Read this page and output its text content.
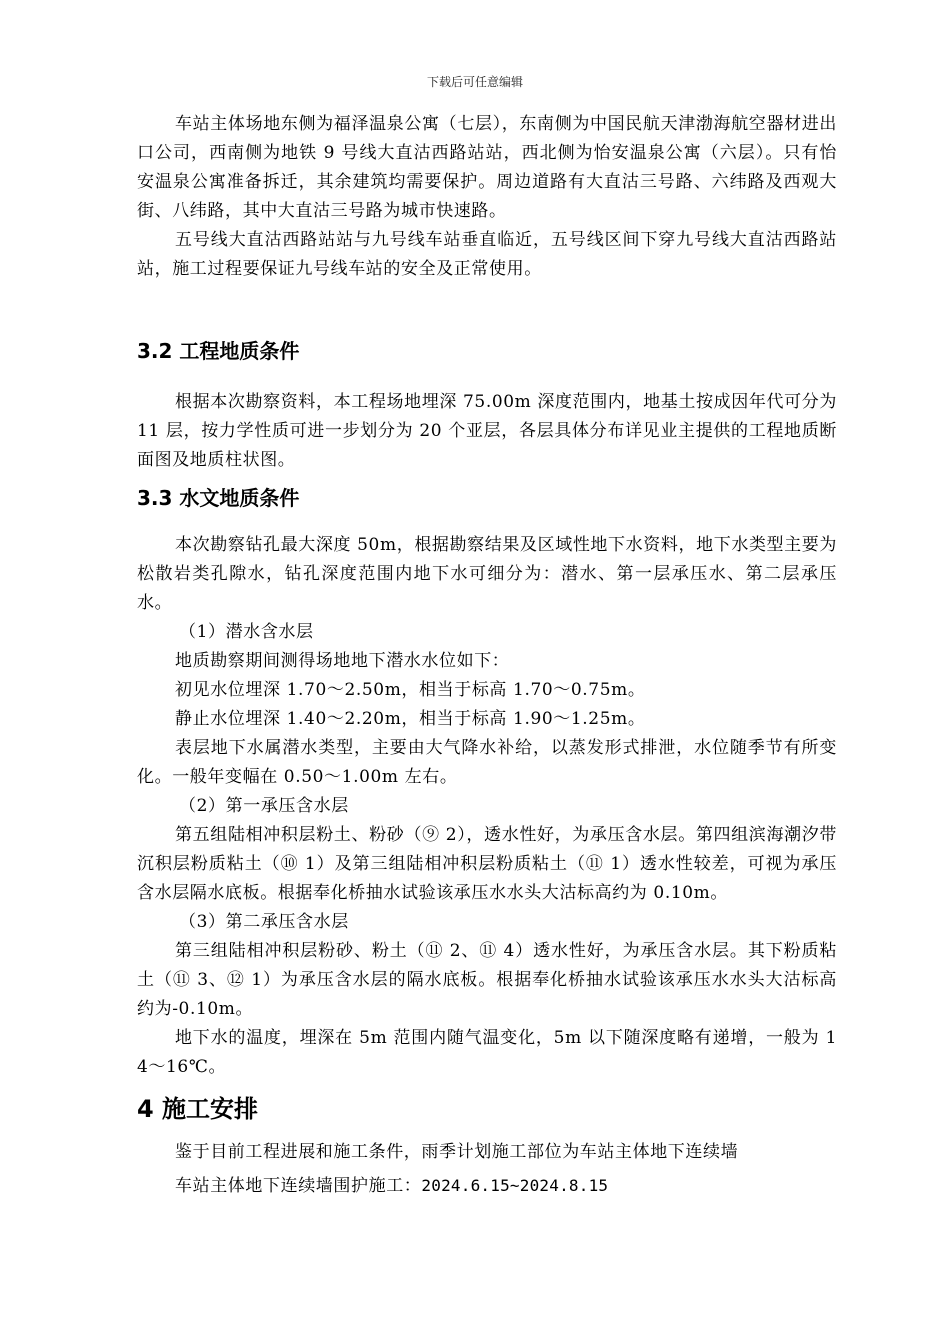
下载后可任意编辑

车站主体场地东侧为福泽温泉公寓（七层），东南侧为中国民航天津渤海航空器材进出口公司，西南侧为地铁 9 号线大直沽西路站站，西北侧为怡安温泉公寓（六层）。只有怡安温泉公寓准备拆迁，其余建筑均需要保护。周边道路有大直沽三号路、六纬路及西观大街、八纬路，其中大直沽三号路为城市快速路。

五号线大直沽西路站站与九号线车站垂直临近，五号线区间下穿九号线大直沽西路站站，施工过程要保证九号线车站的安全及正常使用。

3.2 工程地质条件

根据本次勘察资料，本工程场地埋深 75.00m 深度范围内，地基土按成因年代可分为 11 层，按力学性质可进一步划分为 20 个亚层，各层具体分布详见业主提供的工程地质断面图及地质柱状图。

3.3 水文地质条件

本次勘察钻孔最大深度 50m，根据勘察结果及区域性地下水资料，地下水类型主要为松散岩类孔隙水，钻孔深度范围内地下水可细分为：潜水、第一层承压水、第二层承压水。

（1）潜水含水层

地质勘察期间测得场地地下潜水水位如下：

初见水位埋深 1.70～2.50m，相当于标高 1.70～0.75m。

静止水位埋深 1.40～2.20m，相当于标高 1.90～1.25m。

表层地下水属潜水类型，主要由大气降水补给，以蒸发形式排泄，水位随季节有所变化。一般年变幅在 0.50～1.00m 左右。

（2）第一承压含水层

第五组陆相冲积层粉土、粉砂（⑨ 2），透水性好，为承压含水层。第四组滨海潮汐带沉积层粉质粘土（⑩ 1）及第三组陆相冲积层粉质粘土（⑪ 1）透水性较差，可视为承压含水层隔水底板。根据奉化桥抽水试验该承压水水头大沽标高约为 0.10m。

（3）第二承压含水层

第三组陆相冲积层粉砂、粉土（⑪ 2、⑪ 4）透水性好，为承压含水层。其下粉质粘土（⑪ 3、⑫ 1）为承压含水层的隔水底板。根据奉化桥抽水试验该承压水水头大沽标高约为-0.10m。

地下水的温度，埋深在 5m 范围内随气温变化，5m 以下随深度略有递增，一般为 14～16℃。

4 施工安排

鉴于目前工程进展和施工条件，雨季计划施工部位为车站主体地下连续墙

车站主体地下连续墙围护施工：2024.6.15~2024.8.15
